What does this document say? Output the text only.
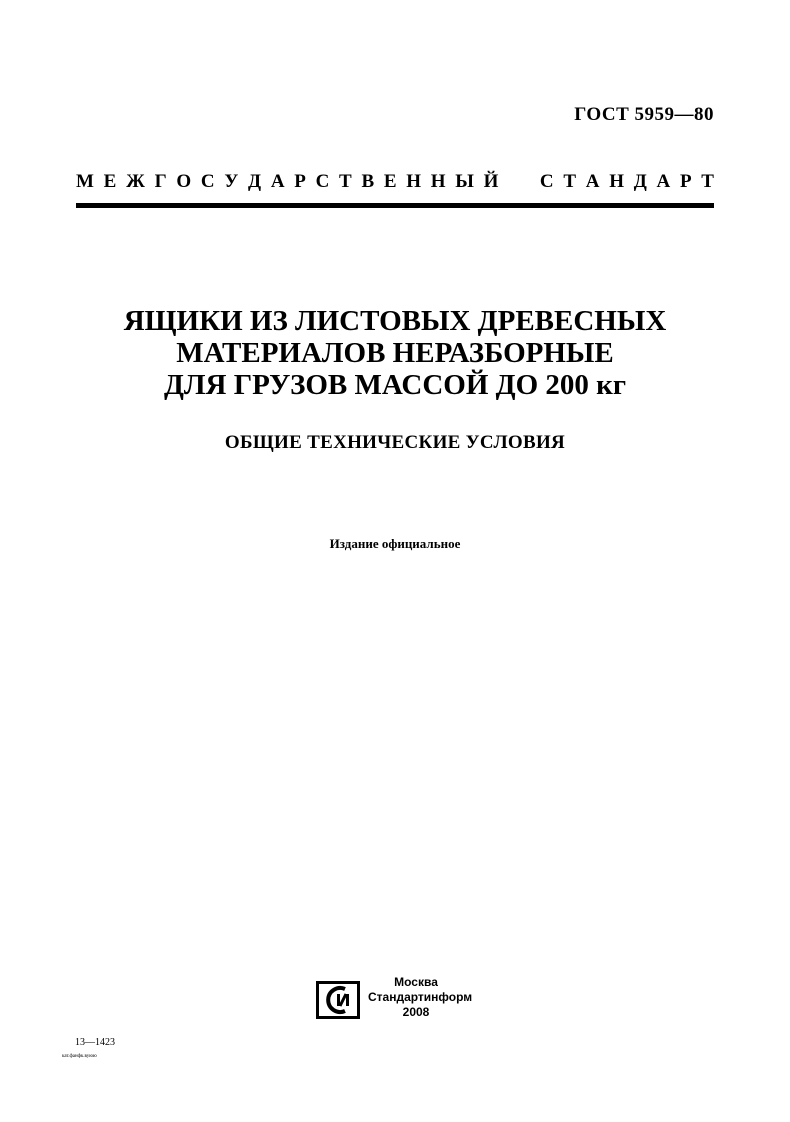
ГОСТ 5959—80
М Е Ж Г О С У Д А Р С Т В Е Н Н Ы Й С Т А Н Д А Р Т
ЯЩИКИ ИЗ ЛИСТОВЫХ ДРЕВЕСНЫХ
МАТЕРИАЛОВ НЕРАЗБОРНЫЕ
ДЛЯ ГРУЗОВ МАССОЙ ДО 200 кг
ОБЩИЕ ТЕХНИЧЕСКИЕ УСЛОВИЯ
Издание официальное
Москва
Стандартинформ
2008
13—1423
кат.фанфк.вуюю
